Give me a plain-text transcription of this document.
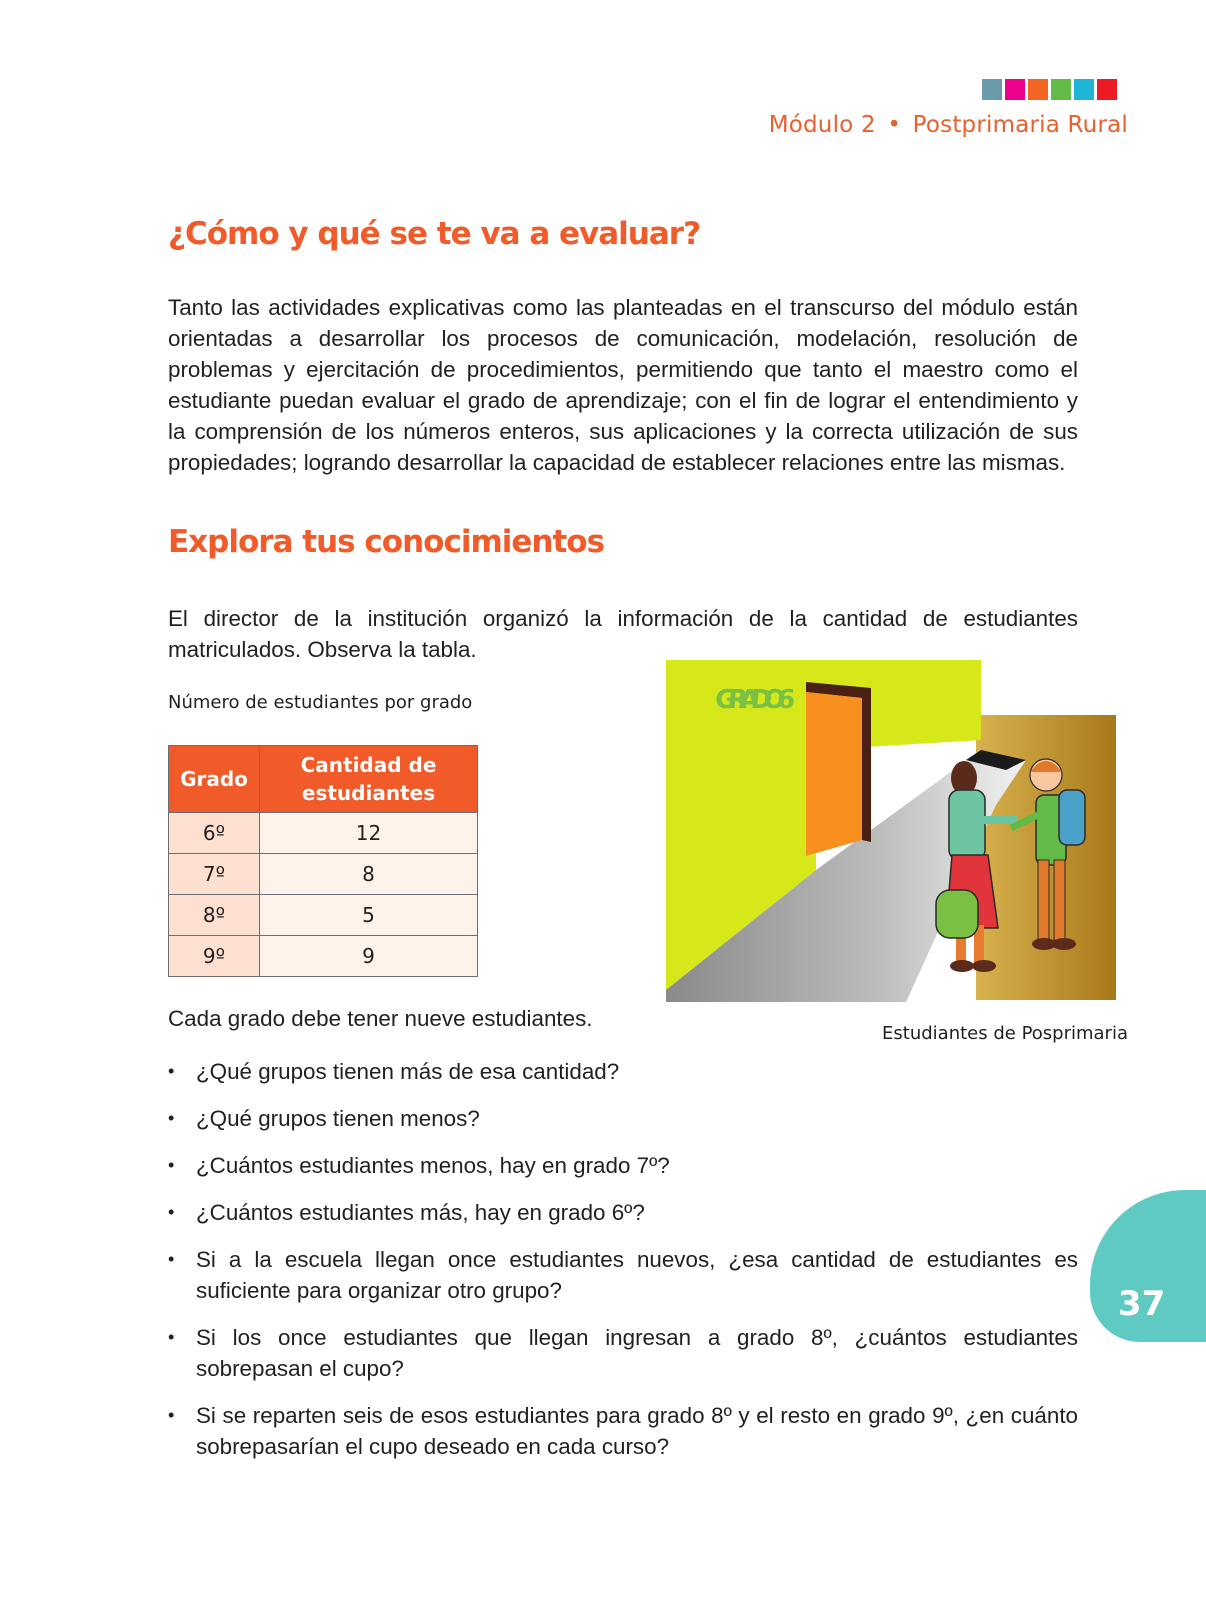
Módulo 2 • Postprimaria Rural
¿Cómo y qué se te va a evaluar?

Tanto las actividades explicativas como las planteadas en el transcurso del módulo están orientadas a desarrollar los procesos de comunicación, modelación, resolución de problemas y ejercitación de procedimientos, permitiendo que tanto el maestro como el estudiante puedan evaluar el grado de aprendizaje; con el fin de lograr el entendimiento y la comprensión de los números enteros, sus aplicaciones y la correcta utilización de sus propiedades; logrando desarrollar la capacidad de establecer relaciones entre las mismas.

Explora tus conocimientos

El director de la institución organizó la información de la cantidad de estudiantes matriculados. Observa la tabla.

Número de estudiantes por grado
Grado	Cantidad de
estudiantes

6º	12
7º	8
8º	5
9º	9
GRADO 6
Estudiantes de Posprimaria
Cada grado debe tener nueve estudiantes.
• ¿Qué grupos tienen más de esa cantidad?
• ¿Qué grupos tienen menos?
• ¿Cuántos estudiantes menos, hay en grado 7º?
• ¿Cuántos estudiantes más, hay en grado 6º?
• Si a la escuela llegan once estudiantes nuevos, ¿esa cantidad de estudiantes es suficiente para organizar otro grupo?
• Si los once estudiantes que llegan ingresan a grado 8º, ¿cuántos estudiantes sobrepasan el cupo?
• Si se reparten seis de esos estudiantes para grado 8º y el resto en grado 9º, ¿en cuánto sobrepasarían el cupo deseado en cada curso?
37
